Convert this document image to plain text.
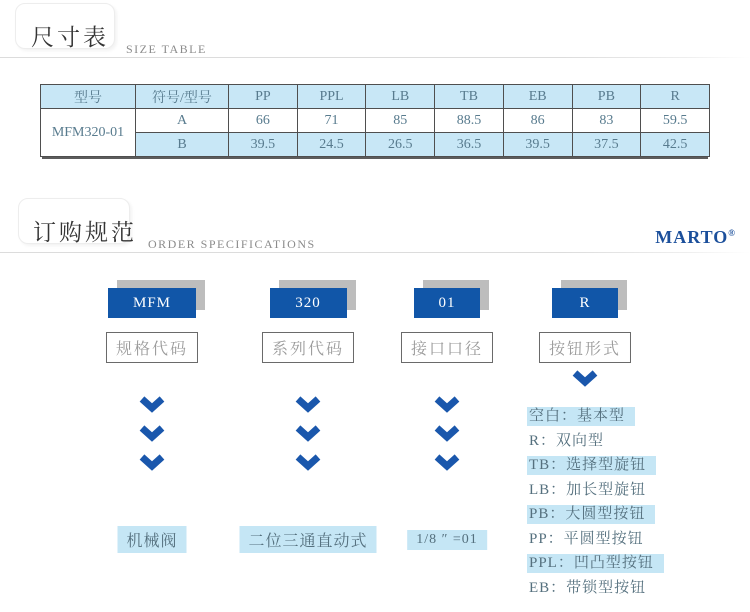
尺寸表 SIZE TABLE
型号	符号/型号	PP	PPL	LB	TB	EB	PB	R
MFM320-01	A	66	71	85	88.5	86	83	59.5
	B	39.5	24.5	26.5	36.5	39.5	37.5	42.5
订购规范 ORDER SPECIFICATIONS	MARTO®
MFM
规格代码
机械阀
320
系列代码
二位三通直动式
01
接口口径
1/8 ″ =01
R
按钮形式
空白：基本型
R：双向型
TB：选择型旋钮
LB：加长型旋钮
PB：大圆型按钮
PP：平圆型按钮
PPL：凹凸型按钮
EB：带锁型按钮
